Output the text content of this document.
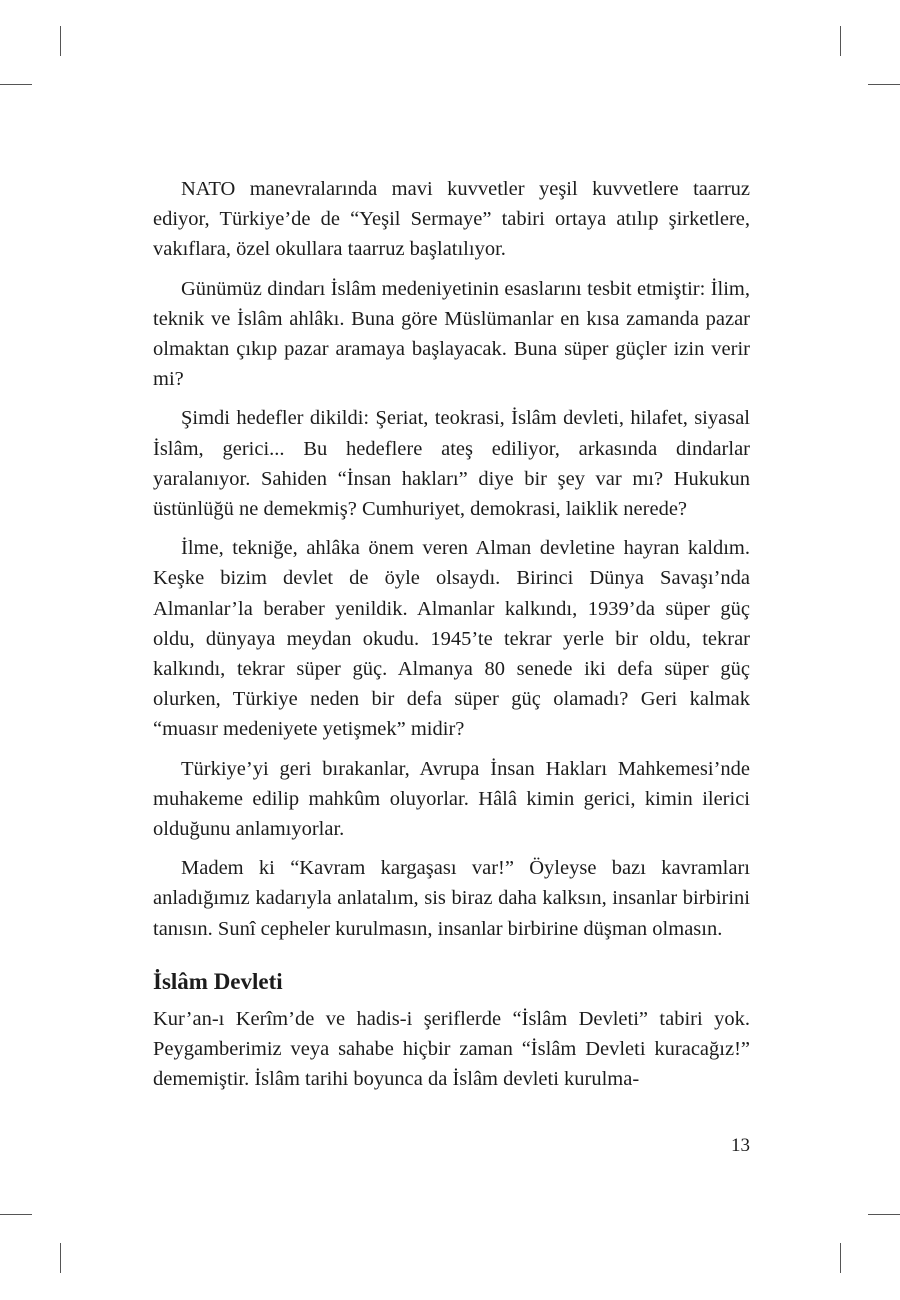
NATO manevralarında mavi kuvvetler yeşil kuvvetlere taarruz ediyor, Türkiye’de de “Yeşil Sermaye” tabiri ortaya atılıp şirketlere, vakıflara, özel okullara taarruz başlatılıyor.

Günümüz dindarı İslâm medeniyetinin esaslarını tesbit etmiştir: İlim, teknik ve İslâm ahlâkı. Buna göre Müslümanlar en kısa zamanda pazar olmaktan çıkıp pazar aramaya başlayacak. Buna süper güçler izin verir mi?

Şimdi hedefler dikildi: Şeriat, teokrasi, İslâm devleti, hilafet, siyasal İslâm, gerici... Bu hedeflere ateş ediliyor, arkasında dindarlar yaralanıyor. Sahiden “İnsan hakları” diye bir şey var mı? Hukukun üstünlüğü ne demekmiş? Cumhuriyet, demokrasi, laiklik nerede?

İlme, tekniğe, ahlâka önem veren Alman devletine hayran kaldım. Keşke bizim devlet de öyle olsaydı. Birinci Dünya Savaşı’nda Almanlar’la beraber yenildik. Almanlar kalkındı, 1939’da süper güç oldu, dünyaya meydan okudu. 1945’te tekrar yerle bir oldu, tekrar kalkındı, tekrar süper güç. Almanya 80 senede iki defa süper güç olurken, Türkiye neden bir defa süper güç olamadı? Geri kalmak “muasır medeniyete yetişmek” midir?

Türkiye’yi geri bırakanlar, Avrupa İnsan Hakları Mahkemesi’nde muhakeme edilip mahkûm oluyorlar. Hâlâ kimin gerici, kimin ilerici olduğunu anlamıyorlar.

Madem ki “Kavram kargaşası var!” Öyleyse bazı kavramları anladığımız kadarıyla anlatalım, sis biraz daha kalksın, insanlar birbirini tanısın. Sunî cepheler kurulmasın, insanlar birbirine düşman olmasın.

İslâm Devleti

Kur’an-ı Kerîm’de ve hadis-i şeriflerde “İslâm Devleti” tabiri yok. Peygamberimiz veya sahabe hiçbir zaman “İslâm Devleti kuracağız!” dememiştir. İslâm tarihi boyunca da İslâm devleti kurulma-

13
